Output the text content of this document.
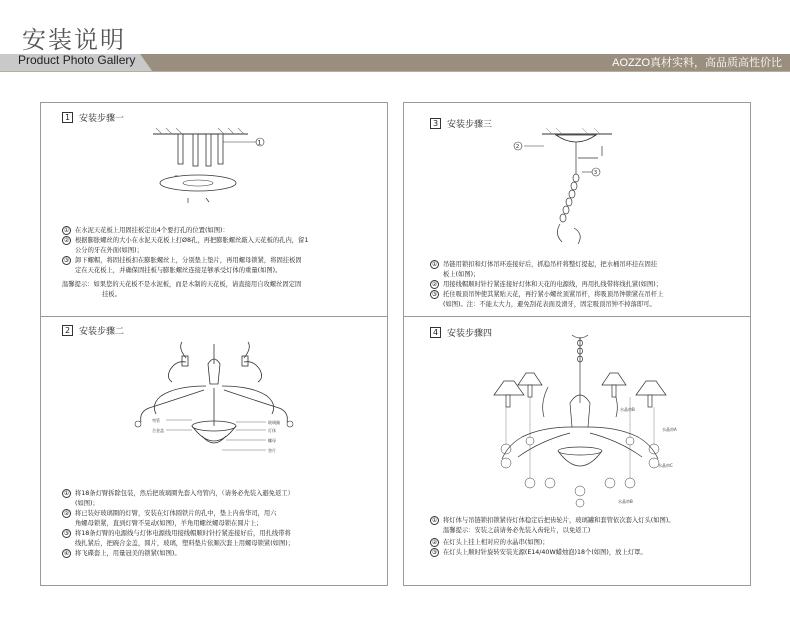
安装说明
Product Photo Gallery	AOZZO真材实料，高品质高性价比
1 安装步骤一
1
① 在水泥天花板上用固挂板定出4个要打孔的位置(如图)：
② 根据膨胀螺丝的大小在水泥天花板上打Ø8孔，再把膨胀螺丝敲入天花板的孔内，留1
公分的牙在外面(如图)；
③ 卸下螺帽，将固挂板扣在膨胀螺丝上，分别垫上垫片，再用螺母锁紧，将固挂板固
定在天花板上，并确保固挂板与膨胀螺丝连接足够承受灯体的重量(如图)。
温馨提示：如果您的天花板不是水泥板，而是木制的天花板，请直接用自攻螺丝固定固
挂板。
2 安装步骤二
玻璃圈
灯体
螺母
垫片
弯管
合金盖
① 将18条灯臂拆除包装，然后把玻璃圈先套入弯管内，（请务必先装入避免返工）
(如图)；
② 将已装好玻璃圈的灯臂，安装在灯体圆铁片的孔中，垫上内齿华司，用六
角螺母锁紧，直到灯臂不晃动(如图)，羊角用螺丝螺母锁在圆片上；
③ 将18条灯臂的电源线与灯体电源线用接线帽顺时针拧紧连接好后，用扎线带将
线扎紧后，把碗合金盖，圆片，玻璃，塑料垫片依顺次套上用螺母锁紧(如图)；
④ 将飞碟套上，用量冠美的锁紧(如图)。
3 安装步骤三
2
3
① 吊链用锁扣和灯体吊环连接好后，抓稳吊杆将整灯提起，把水桶吊环挂在固挂
板上(如图)；
② 用接线帽顺时针拧紧连接好灯体和天花的电源线，再用扎线带将线扎紧(如图)；
③ 托住吸顶吊钟使其紧贴天花，再拧紧小螺丝顶紧吊杆，将吸顶吊钟锁紧在吊杆上
(如图)。注：不能太大力，避免刮花表面及滑牙，固定吸顶吊钟不掉落即可。
4 安装步骤四
水晶串B
水晶串A
水晶串C
水晶串B
① 将灯体与吊链锁扣锁紧待灯体稳定后把齿轮片，玻璃罐和套管依次套入灯头(如图)。
温馨提示：安装之前请务必先装入齿轮片，以免返工)
② 在灯头上挂上相对应的水晶串(如图)；
③ 在灯头上顺时针旋转安装光源(E14/40W蜡烛泡)18个(如图)，放上灯罩。
